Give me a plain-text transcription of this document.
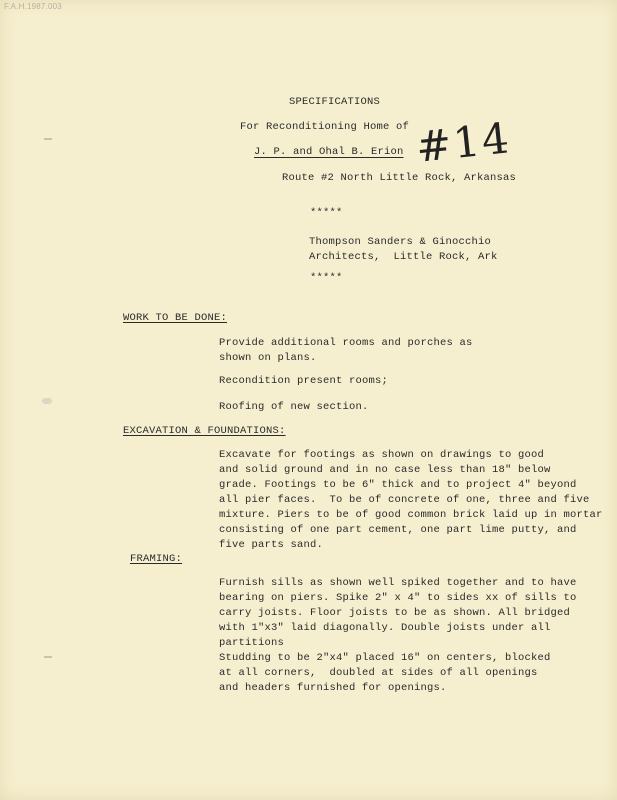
F.A.H.1987.003
SPECIFICATIONS
For Reconditioning Home of
J. P. and Ohal B. Erion
Route #2 North Little Rock, Arkansas
#14
*****
Thompson Sanders & Ginocchio
Architects,  Little Rock, Ark
*****
WORK TO BE DONE:
Provide additional rooms and porches as
shown on plans.
Recondition present rooms;
Roofing of new section.
EXCAVATION & FOUNDATIONS:
Excavate for footings as shown on drawings to good
and solid ground and in no case less than 18" below
grade. Footings to be 6" thick and to project 4" beyond
all pier faces.  To be of concrete of one, three and five
mixture. Piers to be of good common brick laid up in mortar
consisting of one part cement, one part lime putty, and
five parts sand.
FRAMING:
Furnish sills as shown well spiked together and to have
bearing on piers. Spike 2" x 4" to sides xx of sills to
carry joists. Floor joists to be as shown. All bridged
with 1"x3" laid diagonally. Double joists under all
partitions
Studding to be 2"x4" placed 16" on centers, blocked
at all corners,  doubled at sides of all openings
and headers furnished for openings.
